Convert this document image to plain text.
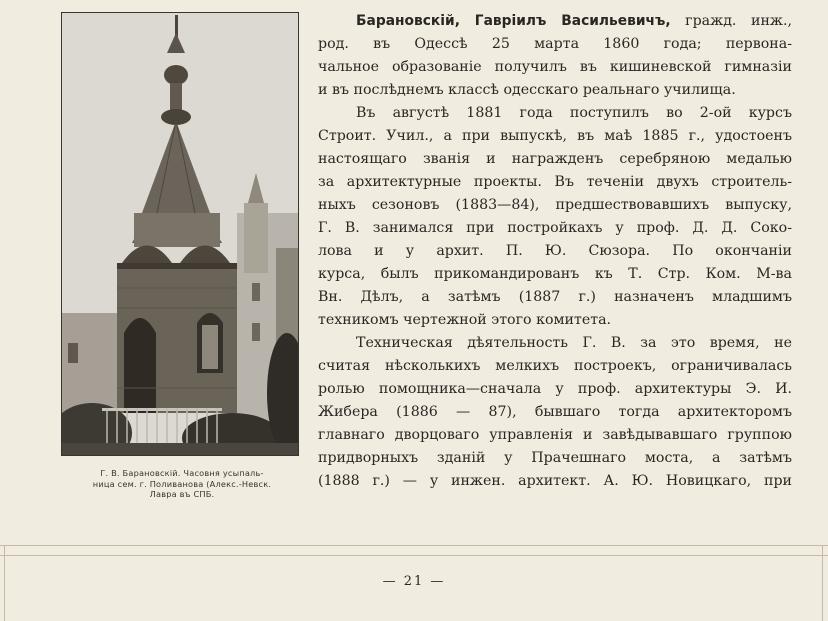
Г. В. Барановскій. Часовня усыпаль-
ница сем. г. Поливанова (Алекс.-Невск.
Лавра въ СПБ.
Барановскій, Гавріилъ Васильевичъ, гражд. инж.,
род. въ Одессѣ 25 марта 1860 года; первона-
чальное образованіе получилъ въ кишиневской гимназіи
и въ послѣднемъ классѣ одесскаго реальнаго училища.
Въ августѣ 1881 года поступилъ во 2-ой курсъ
Строит. Учил., а при выпускѣ, въ маѣ 1885 г., удостоенъ
настоящаго званія и награжденъ серебряною медалью
за архитектурные проекты. Въ теченіи двухъ строитель-
ныхъ сезоновъ (1883—84), предшествовавшихъ выпуску,
Г. В. занимался при постройкахъ у проф. Д. Д. Соко-
лова и у архит. П. Ю. Сюзора. По окончаніи
курса, былъ прикомандированъ къ Т. Стр. Ком. М-ва
Вн. Дѣлъ, а затѣмъ (1887 г.) назначенъ младшимъ
техникомъ чертежной этого комитета.
Техническая дѣятельность Г. В. за это время, не
считая нѣсколькихъ мелкихъ построекъ, ограничивалась
ролью помощника—сначала у проф. архитектуры Э. И.
Жибера (1886 — 87), бывшаго тогда архитекторомъ
главнаго дворцоваго управленія и завѣдывавшаго группою
придворныхъ зданій у Прачешнаго моста, а затѣмъ
(1888 г.) — у инжен. архитект. А. Ю. Новицкаго, при
— 21 —
